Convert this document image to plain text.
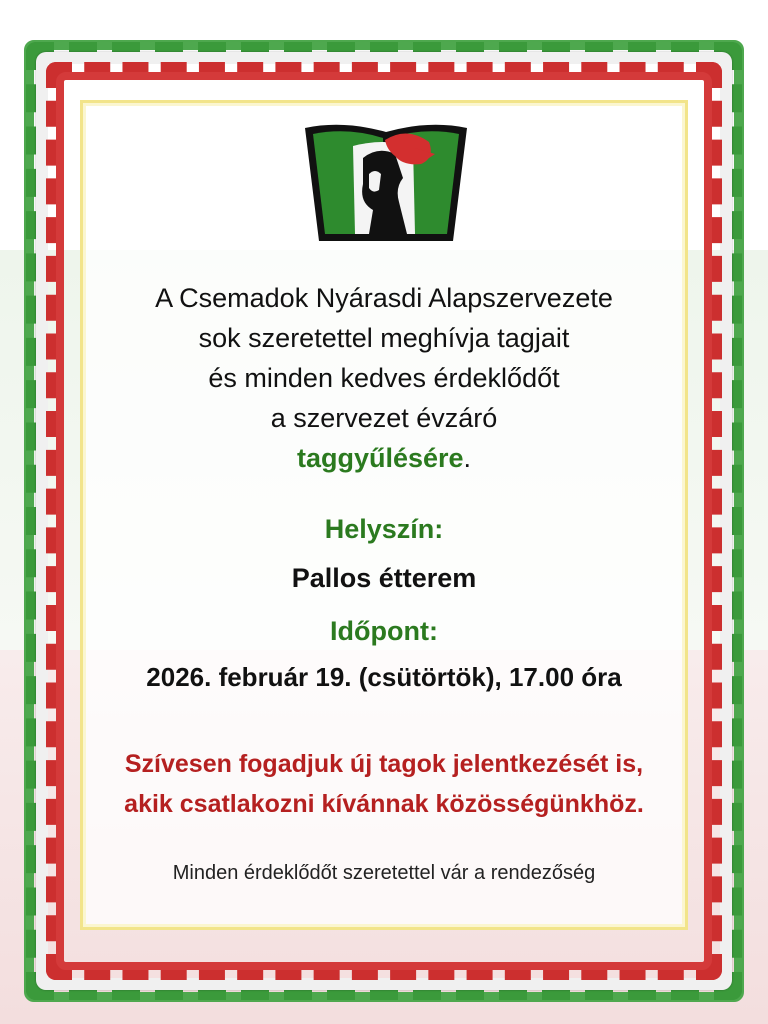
A Csemadok Nyárasdi Alapszervezete
sok szeretettel meghívja tagjait
és minden kedves érdeklődőt
a szervezet évzáró
taggyűlésére.
Helyszín:
Pallos étterem
Időpont:
2026. február 19. (csütörtök), 17.00 óra
Szívesen fogadjuk új tagok jelentkezését is,
akik csatlakozni kívánnak közösségünkhöz.
Minden érdeklődőt szeretettel vár a rendezőség
